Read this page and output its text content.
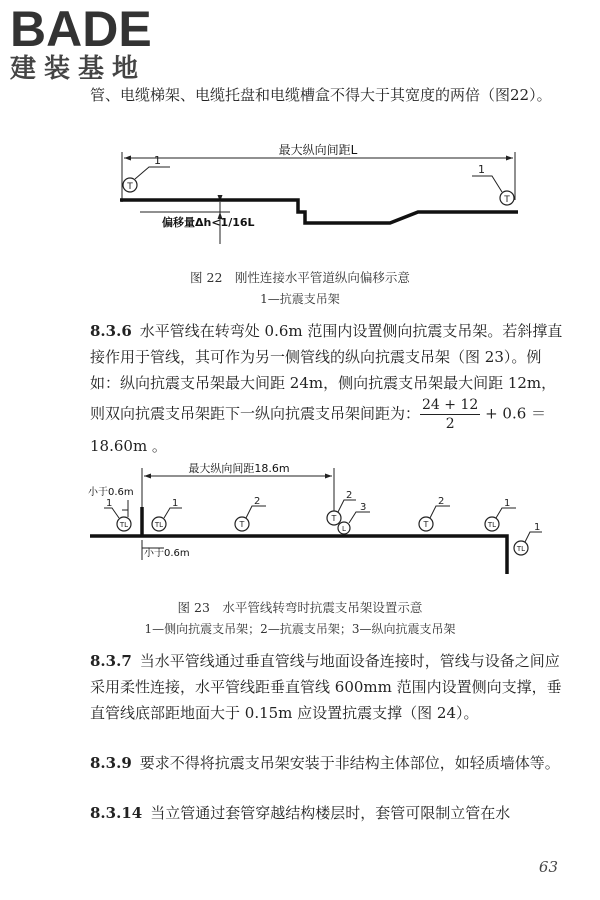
BADE
建装基地

管、电缆梯架、电缆托盘和电缆槽盒不得大于其宽度的两倍（图22）。

T
1
T
1
最大纵向间距L
偏移量Δh<1/16L

图 22　刚性连接水平管道纵向偏移示意

1—抗震支吊架

8.3.6 水平管线在转弯处 0.6m 范围内设置侧向抗震支吊架。若斜撑直接作用于管线，其可作为另一侧管线的纵向抗震支吊架（图 23）。例如：纵向抗震支吊架最大间距 24m，侧向抗震支吊架最大间距 12m，则双向抗震支吊架距下一纵向抗震支吊架间距为： $\frac{24 + 12}{2} + 0.6 = 18.60m$ 。

TL
1
TL
1
T
2
T
L
2
3
T
2
TL
1
TL
1
最大纵向间距18.6m
小于0.6m
小于0.6m

图 23　水平管线转弯时抗震支吊架设置示意

1—侧向抗震支吊架；2—抗震支吊架；3—纵向抗震支吊架

8.3.7 当水平管线通过垂直管线与地面设备连接时，管线与设备之间应采用柔性连接，水平管线距垂直管线 600mm 范围内设置侧向支撑，垂直管线底部距地面大于 0.15m 应设置抗震支撑（图 24）。

8.3.9 要求不得将抗震支吊架安装于非结构主体部位，如轻质墙体等。

8.3.14 当立管通过套管穿越结构楼层时，套管可限制立管在水

63
